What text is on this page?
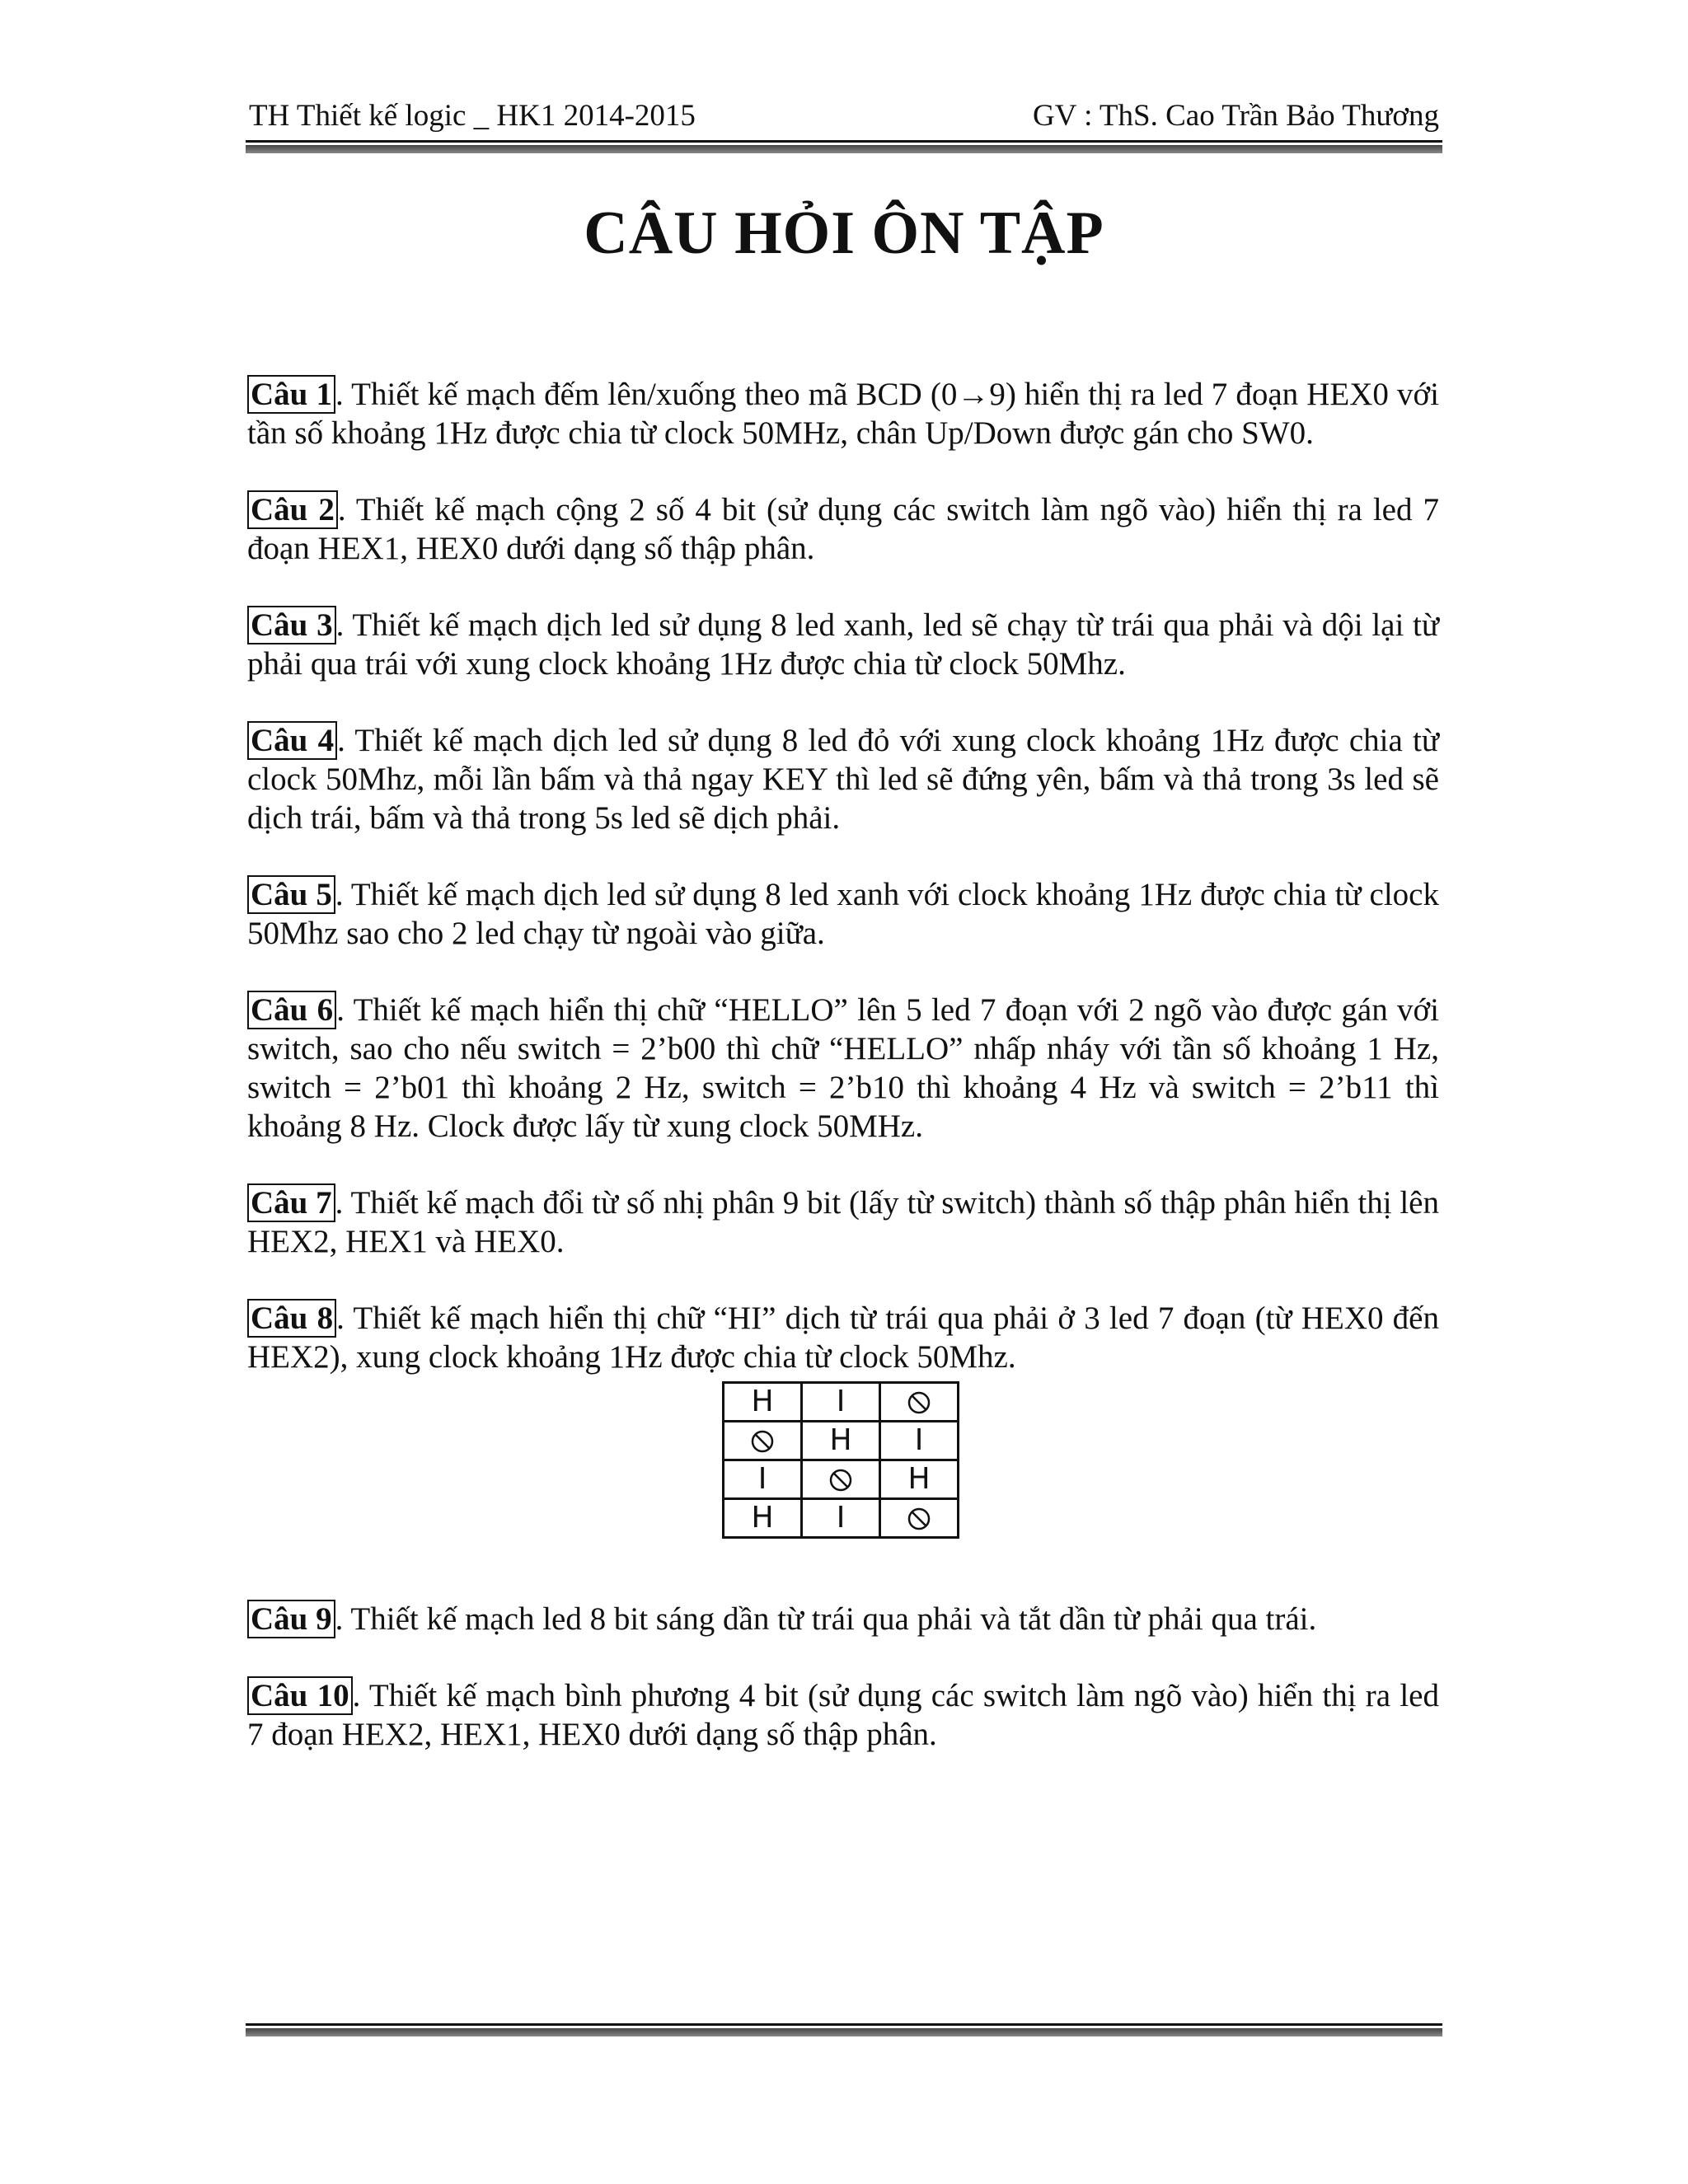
TH Thiết kế logic _ HK1 2014-2015	GV : ThS. Cao Trần Bảo Thương
CÂU HỎI ÔN TẬP

Câu 1 . Thiết kế mạch đếm lên/xuống theo mã BCD (0→9) hiển thị ra led 7 đoạn HEX0 với tần số khoảng 1Hz được chia từ clock 50MHz, chân Up/Down được gán cho SW0.

Câu 2 . Thiết kế mạch cộng 2 số 4 bit (sử dụng các switch làm ngõ vào) hiển thị ra led 7 đoạn HEX1, HEX0 dưới dạng số thập phân.

Câu 3 . Thiết kế mạch dịch led sử dụng 8 led xanh, led sẽ chạy từ trái qua phải và dội lại từ phải qua trái với xung clock khoảng 1Hz được chia từ clock 50Mhz.

Câu 4 . Thiết kế mạch dịch led sử dụng 8 led đỏ với xung clock khoảng 1Hz được chia từ clock 50Mhz, mỗi lần bấm và thả ngay KEY thì led sẽ đứng yên, bấm và thả trong 3s led sẽ dịch trái, bấm và thả trong 5s led sẽ dịch phải.

Câu 5 . Thiết kế mạch dịch led sử dụng 8 led xanh với clock khoảng 1Hz được chia từ clock 50Mhz sao cho 2 led chạy từ ngoài vào giữa.

Câu 6 . Thiết kế mạch hiển thị chữ “HELLO” lên 5 led 7 đoạn với 2 ngõ vào được gán với switch, sao cho nếu switch = 2’b00 thì chữ “HELLO” nhấp nháy với tần số khoảng 1 Hz, switch = 2’b01 thì khoảng 2 Hz, switch = 2’b10 thì khoảng 4 Hz và switch = 2’b11 thì khoảng 8 Hz. Clock được lấy từ xung clock 50MHz.

Câu 7 . Thiết kế mạch đổi từ số nhị phân 9 bit (lấy từ switch) thành số thập phân hiển thị lên HEX2, HEX1 và HEX0.

Câu 8 . Thiết kế mạch hiển thị chữ “HI” dịch từ trái qua phải ở 3 led 7 đoạn (từ HEX0 đến HEX2), xung clock khoảng 1Hz được chia từ clock 50Mhz.

H	I	
	H	I
I		H
H	I	

Câu 9 . Thiết kế mạch led 8 bit sáng dần từ trái qua phải và tắt dần từ phải qua trái.

Câu 10 . Thiết kế mạch bình phương 4 bit (sử dụng các switch làm ngõ vào) hiển thị ra led 7 đoạn HEX2, HEX1, HEX0 dưới dạng số thập phân.
